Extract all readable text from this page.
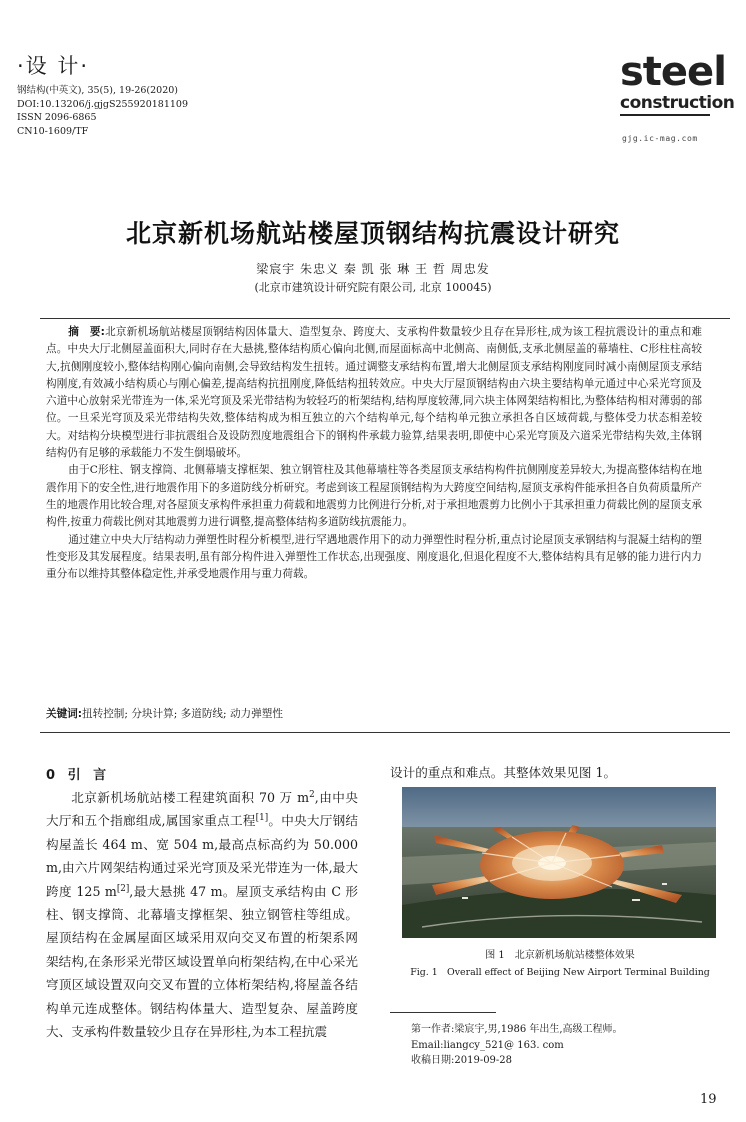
·设 计·
钢结构(中英文), 35(5), 19-26(2020)
DOI:10.13206/j.gjgS255920181109
ISSN 2096-6865
CN10-1609/TF
steel
construction
gjg.ic-mag.com
北京新机场航站楼屋顶钢结构抗震设计研究
梁宸宇 朱忠义 秦 凯 张 琳 王 哲 周忠发
(北京市建筑设计研究院有限公司, 北京 100045)

摘　要:北京新机场航站楼屋顶钢结构因体量大、造型复杂、跨度大、支承构件数量较少且存在异形柱,成为该工程抗震设计的重点和难点。中央大厅北侧屋盖面积大,同时存在大悬挑,整体结构质心偏向北侧,而屋面标高中北侧高、南侧低,支承北侧屋盖的幕墙柱、C形柱柱高较大,抗侧刚度较小,整体结构刚心偏向南侧,会导致结构发生扭转。通过调整支承结构布置,增大北侧屋顶支承结构刚度同时减小南侧屋顶支承结构刚度,有效减小结构质心与刚心偏差,提高结构抗扭刚度,降低结构扭转效应。中央大厅屋顶钢结构由六块主要结构单元通过中心采光穹顶及六道中心放射采光带连为一体,采光穹顶及采光带结构为较轻巧的桁架结构,结构厚度较薄,同六块主体网架结构相比,为整体结构相对薄弱的部位。一旦采光穹顶及采光带结构失效,整体结构成为相互独立的六个结构单元,每个结构单元独立承担各自区域荷载,与整体受力状态相差较大。对结构分块模型进行非抗震组合及设防烈度地震组合下的钢构件承载力验算,结果表明,即使中心采光穹顶及六道采光带结构失效,主体钢结构仍有足够的承载能力不发生倒塌破坏。

由于C形柱、钢支撑筒、北侧幕墙支撑框架、独立钢管柱及其他幕墙柱等各类屋顶支承结构构件抗侧刚度差异较大,为提高整体结构在地震作用下的安全性,进行地震作用下的多道防线分析研究。考虑到该工程屋顶钢结构为大跨度空间结构,屋顶支承构件能承担各自负荷质量所产生的地震作用比较合理,对各屋顶支承构件承担重力荷载和地震剪力比例进行分析,对于承担地震剪力比例小于其承担重力荷载比例的屋顶支承构件,按重力荷载比例对其地震剪力进行调整,提高整体结构多道防线抗震能力。

通过建立中央大厅结构动力弹塑性时程分析模型,进行罕遇地震作用下的动力弹塑性时程分析,重点讨论屋顶支承钢结构与混凝土结构的塑性变形及其发展程度。结果表明,虽有部分构件进入弹塑性工作状态,出现强度、刚度退化,但退化程度不大,整体结构具有足够的能力进行内力重分布以维持其整体稳定性,并承受地震作用与重力荷载。

关键词:扭转控制; 分块计算; 多道防线; 动力弹塑性
0 引 言

北京新机场航站楼工程建筑面积 70 万 $m^2$,由中央大厅和五个指廊组成,属国家重点工程[1]。中央大厅钢结构屋盖长 464 m、宽 504 m,最高点标高约为 50.000 m,由六片网架结构通过采光穹顶及采光带连为一体,最大跨度 125 m[2],最大悬挑 47 m。屋顶支承结构由 C 形柱、钢支撑筒、北幕墙支撑框架、独立钢管柱等组成。屋顶结构在金属屋面区域采用双向交叉布置的桁架系网架结构,在条形采光带区域设置单向桁架结构,在中心采光穹顶区域设置双向交叉布置的立体桁架结构,将屋盖各结构单元连成整体。钢结构体量大、造型复杂、屋盖跨度大、支承构件数量较少且存在异形柱,为本工程抗震

设计的重点和难点。其整体效果见图 1。
图 1　北京新机场航站楼整体效果
Fig. 1　Overall effect of Beijing New Airport Terminal Building
第一作者:梁宸宇,男,1986 年出生,高级工程师。
Email:liangcy_521@ 163. com
收稿日期:2019-09-28
19
